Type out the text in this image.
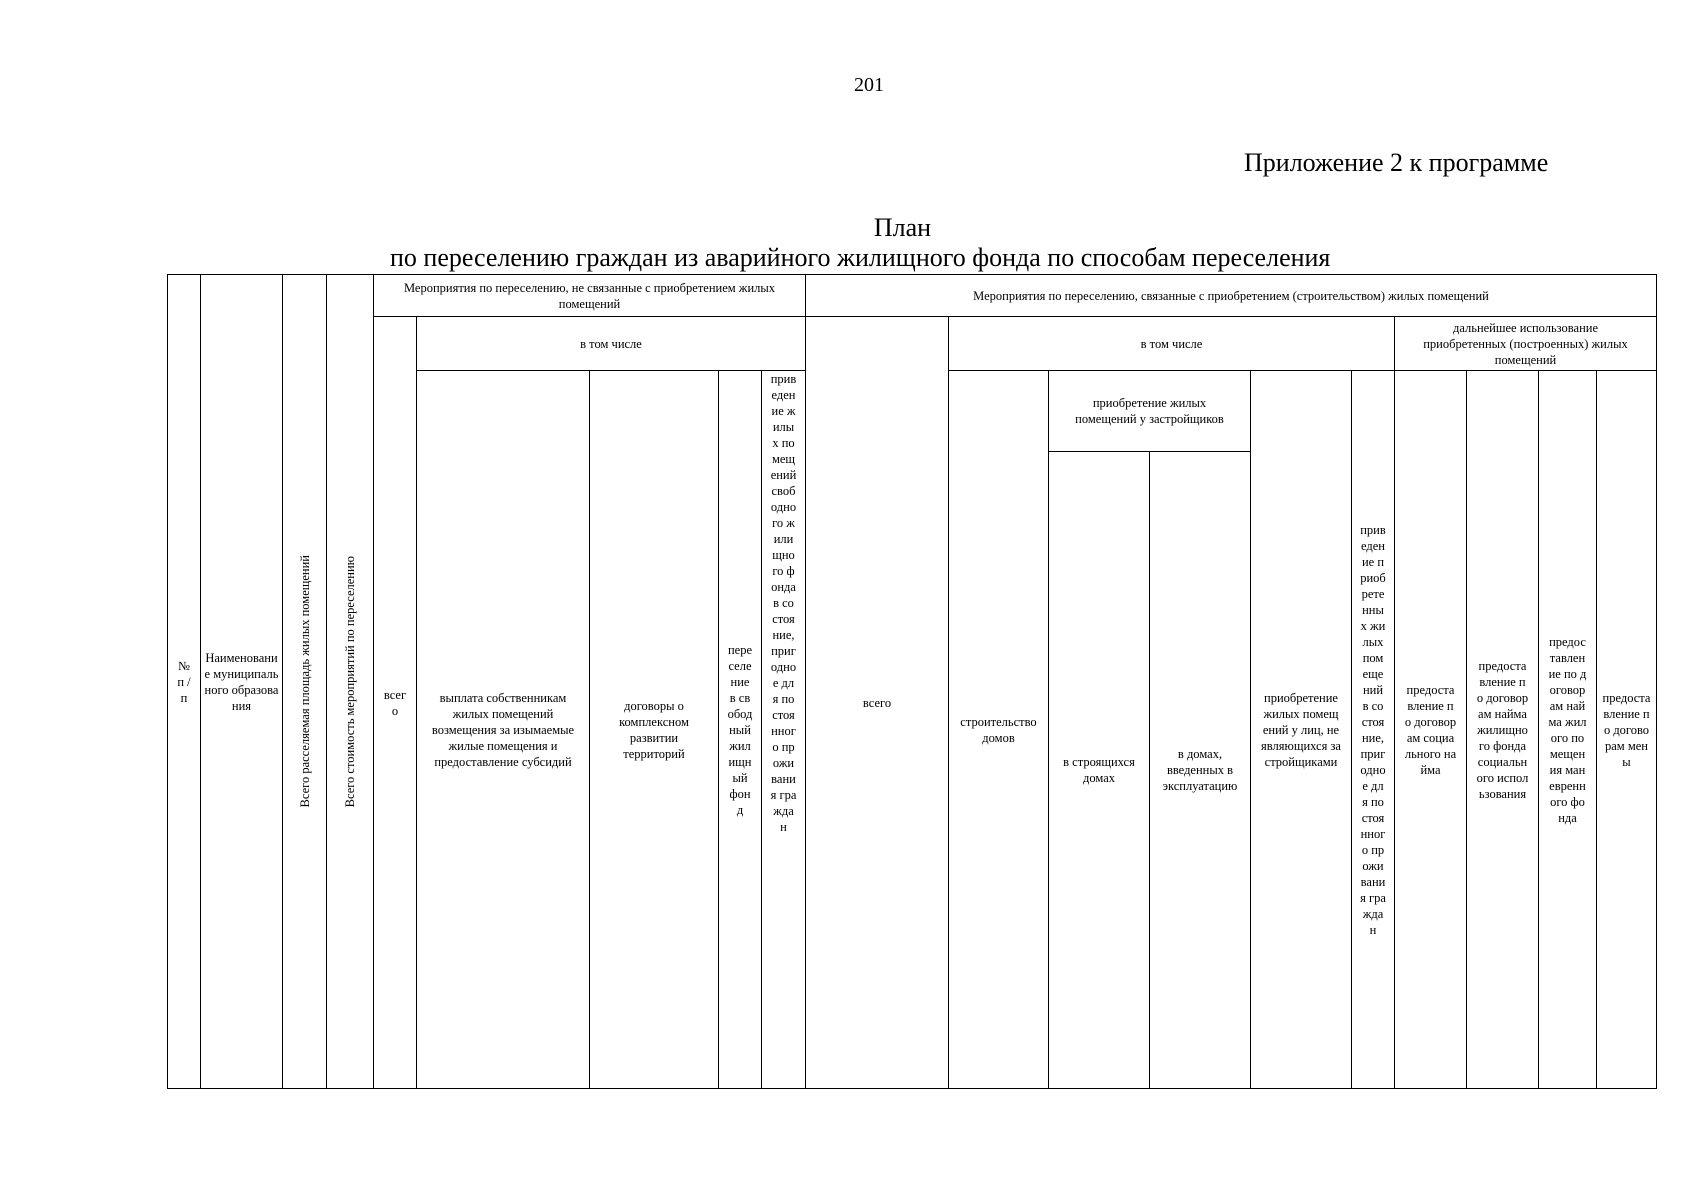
201
Приложение 2 к программе
План
по переселению граждан из аварийного жилищного фонда по способам переселения
№ п / п
Наименование муниципального образования	Всего расселяемая площадь жилых помещений	Всего стоимость мероприятий по переселению
Мероприятия по переселению, не связанные с приобретением жилых помещений
Мероприятия по переселению, связанные с приобретением (строительством) жилых помещений
всего
в том числе
выплата собственникам жилых помещений возмещения за изымаемые жилые помещения и предоставление субсидий
договоры о комплексном развитии территорий
переселение в свободный жилищный фонд
приведение жилых помещений свободного жилищного фонда в состояние, пригодное для постоянного проживания граждан
всего
в том числе
дальнейшее использование приобретенных (построенных) жилых помещений
строительство домов
приобретение жилых помещений у застройщиков
в строящихся домах
в домах, введенных в эксплуатацию
приобретение жилых помещений у лиц, не являющихся застройщиками
приведение приобретенных жилых помещений в состояние, пригодное для постоянного проживания граждан
предоставление по договорам социального найма
предоставление по договорам найма жилищного фонда социального использования
предоставление по договорам найма жилого помещения маневренного фонда
предоставление по договорам мены
